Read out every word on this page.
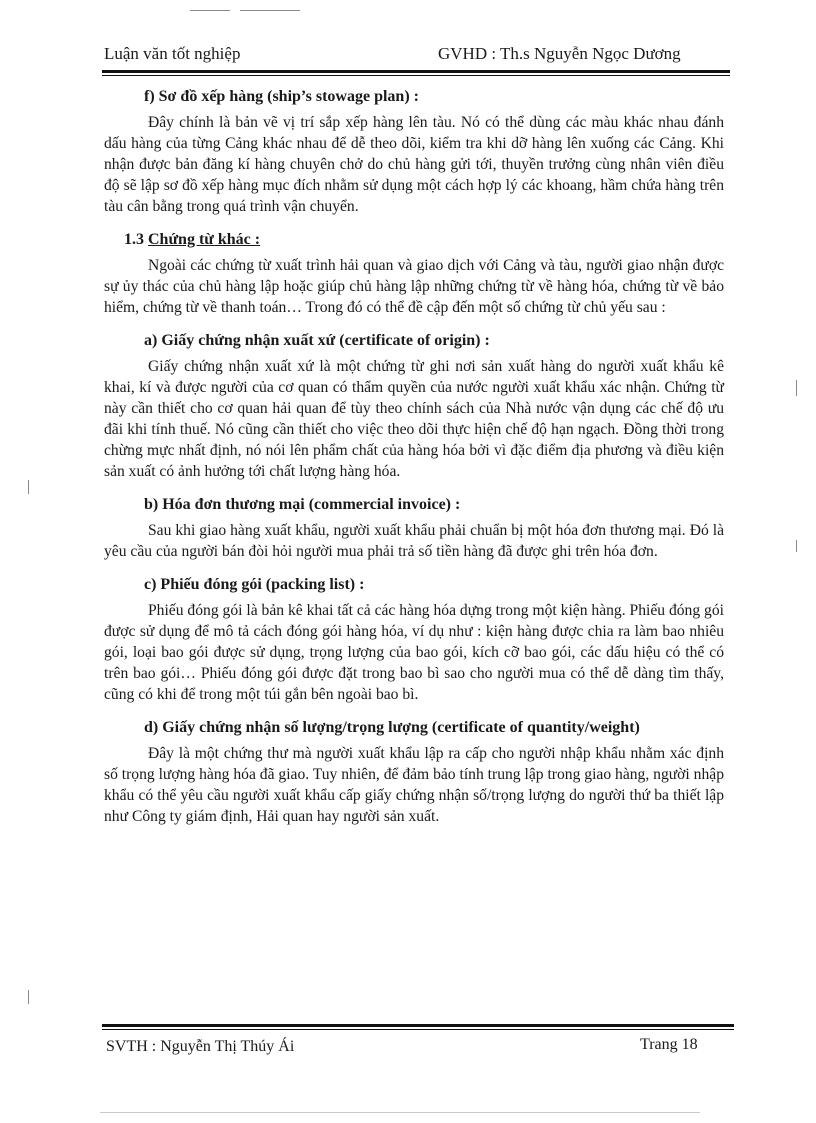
Luận văn tốt nghiệp	GVHD : Th.s Nguyễn Ngọc Dương
f) Sơ đồ xếp hàng (ship’s stowage plan) :

Đây chính là bản vẽ vị trí sắp xếp hàng lên tàu. Nó có thể dùng các màu khác nhau đánh dấu hàng của từng Cảng khác nhau để dễ theo dõi, kiểm tra khi dỡ hàng lên xuống các Cảng. Khi nhận được bản đăng kí hàng chuyên chở do chủ hàng gửi tới, thuyền trưởng cùng nhân viên điều độ sẽ lập sơ đồ xếp hàng mục đích nhằm sử dụng một cách hợp lý các khoang, hầm chứa hàng trên tàu cân bằng trong quá trình vận chuyển.

1.3 Chứng từ khác :

Ngoài các chứng từ xuất trình hải quan và giao dịch với Cảng và tàu, người giao nhận được sự ủy thác của chủ hàng lập hoặc giúp chủ hàng lập những chứng từ về hàng hóa, chứng từ về bảo hiểm, chứng từ về thanh toán… Trong đó có thể đề cập đến một số chứng từ chủ yếu sau :

a) Giấy chứng nhận xuất xứ (certificate of origin) :

Giấy chứng nhận xuất xứ là một chứng từ ghi nơi sản xuất hàng do người xuất khẩu kê khai, kí và được người của cơ quan có thẩm quyền của nước người xuất khẩu xác nhận. Chứng từ này cần thiết cho cơ quan hải quan để tùy theo chính sách của Nhà nước vận dụng các chế độ ưu đãi khi tính thuế. Nó cũng cần thiết cho việc theo dõi thực hiện chế độ hạn ngạch. Đồng thời trong chừng mực nhất định, nó nói lên phẩm chất của hàng hóa bởi vì đặc điểm địa phương và điều kiện sản xuất có ảnh hưởng tới chất lượng hàng hóa.

b) Hóa đơn thương mại (commercial invoice) :

Sau khi giao hàng xuất khẩu, người xuất khẩu phải chuẩn bị một hóa đơn thương mại. Đó là yêu cầu của người bán đòi hỏi người mua phải trả số tiền hàng đã được ghi trên hóa đơn.

c) Phiếu đóng gói (packing list) :

Phiếu đóng gói là bản kê khai tất cả các hàng hóa dựng trong một kiện hàng. Phiếu đóng gói được sử dụng để mô tả cách đóng gói hàng hóa, ví dụ như : kiện hàng được chia ra làm bao nhiêu gói, loại bao gói được sử dụng, trọng lượng của bao gói, kích cỡ bao gói, các dấu hiệu có thể có trên bao gói… Phiếu đóng gói được đặt trong bao bì sao cho người mua có thể dễ dàng tìm thấy, cũng có khi để trong một túi gắn bên ngoài bao bì.

d) Giấy chứng nhận số lượng/trọng lượng (certificate of quantity/weight)

Đây là một chứng thư mà người xuất khẩu lập ra cấp cho người nhập khẩu nhằm xác định số trọng lượng hàng hóa đã giao. Tuy nhiên, để đảm bảo tính trung lập trong giao hàng, người nhập khẩu có thể yêu cầu người xuất khẩu cấp giấy chứng nhận số/trọng lượng do người thứ ba thiết lập như Công ty giám định, Hải quan hay người sản xuất.

SVTH : Nguyễn Thị Thúy Ái	Trang 18
